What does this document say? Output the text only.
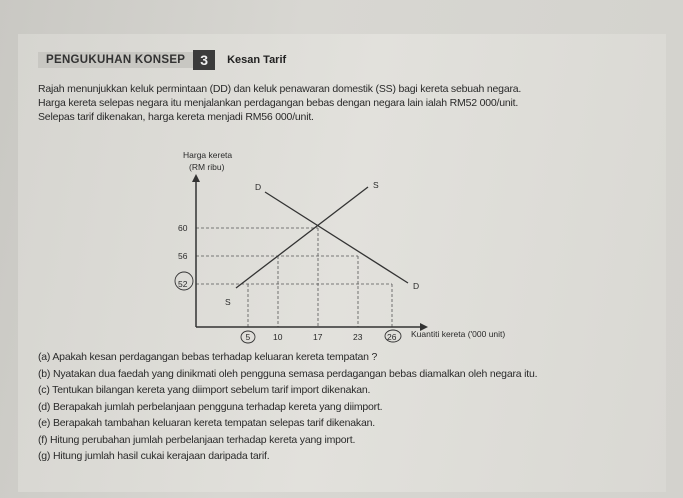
PENGUKUHAN KONSEP	3	Kesan Tarif
Rajah menunjukkan keluk permintaan (DD) dan keluk penawaran domestik (SS) bagi kereta sebuah negara.
Harga kereta selepas negara itu menjalankan perdagangan bebas dengan negara lain ialah RM52 000/unit.
Selepas tarif dikenakan, harga kereta menjadi RM56 000/unit.
Harga kereta
(RM ribu)
Kuantiti kereta ('000 unit)
D
D
S
S
60
56
52
5	10	17	23	26
(a) Apakah kesan perdagangan bebas terhadap keluaran kereta tempatan ?
(b) Nyatakan dua faedah yang dinikmati oleh pengguna semasa perdagangan bebas diamalkan oleh negara itu.
(c) Tentukan bilangan kereta yang diimport sebelum tarif import dikenakan.
(d) Berapakah jumlah perbelanjaan pengguna terhadap kereta yang diimport.
(e) Berapakah tambahan keluaran kereta tempatan selepas tarif dikenakan.
(f) Hitung perubahan jumlah perbelanjaan terhadap kereta yang import.
(g) Hitung jumlah hasil cukai kerajaan daripada tarif.
